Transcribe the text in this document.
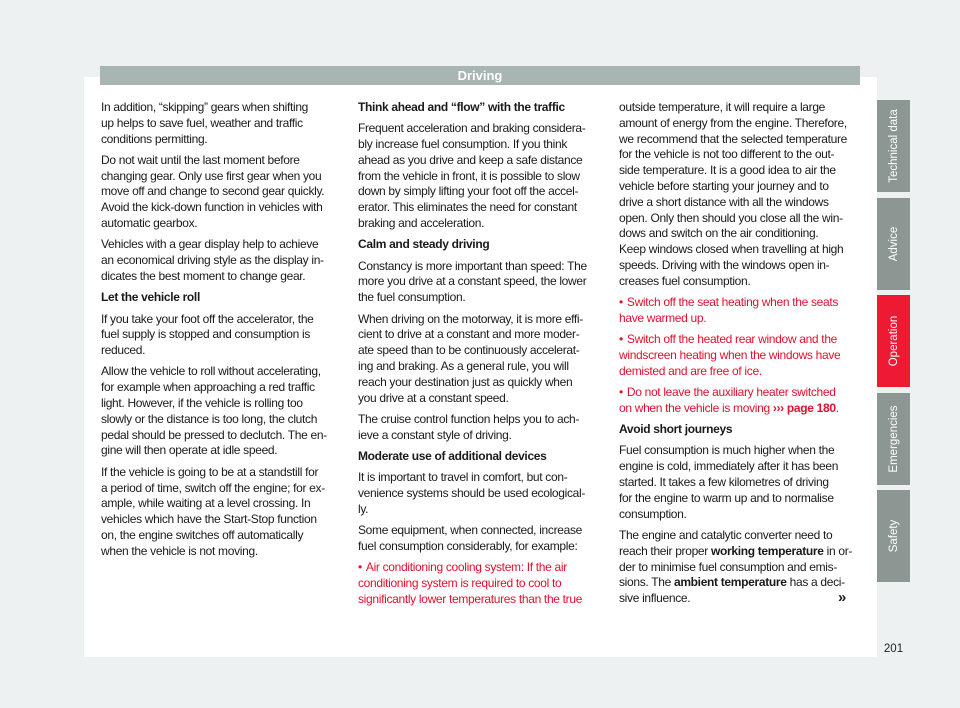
Driving
In addition, “skipping” gears when shifting
up helps to save fuel, weather and traffic
conditions permitting.
Do not wait until the last moment before
changing gear. Only use first gear when you
move off and change to second gear quickly.
Avoid the kick-down function in vehicles with
automatic gearbox.
Vehicles with a gear display help to achieve
an economical driving style as the display in-
dicates the best moment to change gear.
Let the vehicle roll
If you take your foot off the accelerator, the
fuel supply is stopped and consumption is
reduced.
Allow the vehicle to roll without accelerating,
for example when approaching a red traffic
light. However, if the vehicle is rolling too
slowly or the distance is too long, the clutch
pedal should be pressed to declutch. The en-
gine will then operate at idle speed.
If the vehicle is going to be at a standstill for
a period of time, switch off the engine; for ex-
ample, while waiting at a level crossing. In
vehicles which have the Start-Stop function
on, the engine switches off automatically
when the vehicle is not moving.
Think ahead and “flow” with the traffic
Frequent acceleration and braking considera-
bly increase fuel consumption. If you think
ahead as you drive and keep a safe distance
from the vehicle in front, it is possible to slow
down by simply lifting your foot off the accel-
erator. This eliminates the need for constant
braking and acceleration.
Calm and steady driving
Constancy is more important than speed: The
more you drive at a constant speed, the lower
the fuel consumption.
When driving on the motorway, it is more effi-
cient to drive at a constant and more moder-
ate speed than to be continuously accelerat-
ing and braking. As a general rule, you will
reach your destination just as quickly when
you drive at a constant speed.
The cruise control function helps you to ach-
ieve a constant style of driving.
Moderate use of additional devices
It is important to travel in comfort, but con-
venience systems should be used ecological-
ly.
Some equipment, when connected, increase
fuel consumption considerably, for example:
• Air conditioning cooling system: If the air
conditioning system is required to cool to
significantly lower temperatures than the true
outside temperature, it will require a large
amount of energy from the engine. Therefore,
we recommend that the selected temperature
for the vehicle is not too different to the out-
side temperature. It is a good idea to air the
vehicle before starting your journey and to
drive a short distance with all the windows
open. Only then should you close all the win-
dows and switch on the air conditioning.
Keep windows closed when travelling at high
speeds. Driving with the windows open in-
creases fuel consumption.
• Switch off the seat heating when the seats
have warmed up.
• Switch off the heated rear window and the
windscreen heating when the windows have
demisted and are free of ice.
• Do not leave the auxiliary heater switched
on when the vehicle is moving ››› page 180.
Avoid short journeys
Fuel consumption is much higher when the
engine is cold, immediately after it has been
started. It takes a few kilometres of driving
for the engine to warm up and to normalise
consumption.
The engine and catalytic converter need to
reach their proper working temperature in or-
der to minimise fuel consumption and emis-
sions. The ambient temperature has a deci-
sive influence.	»
Technical data
Advice
Operation
Emergencies
Safety
201
